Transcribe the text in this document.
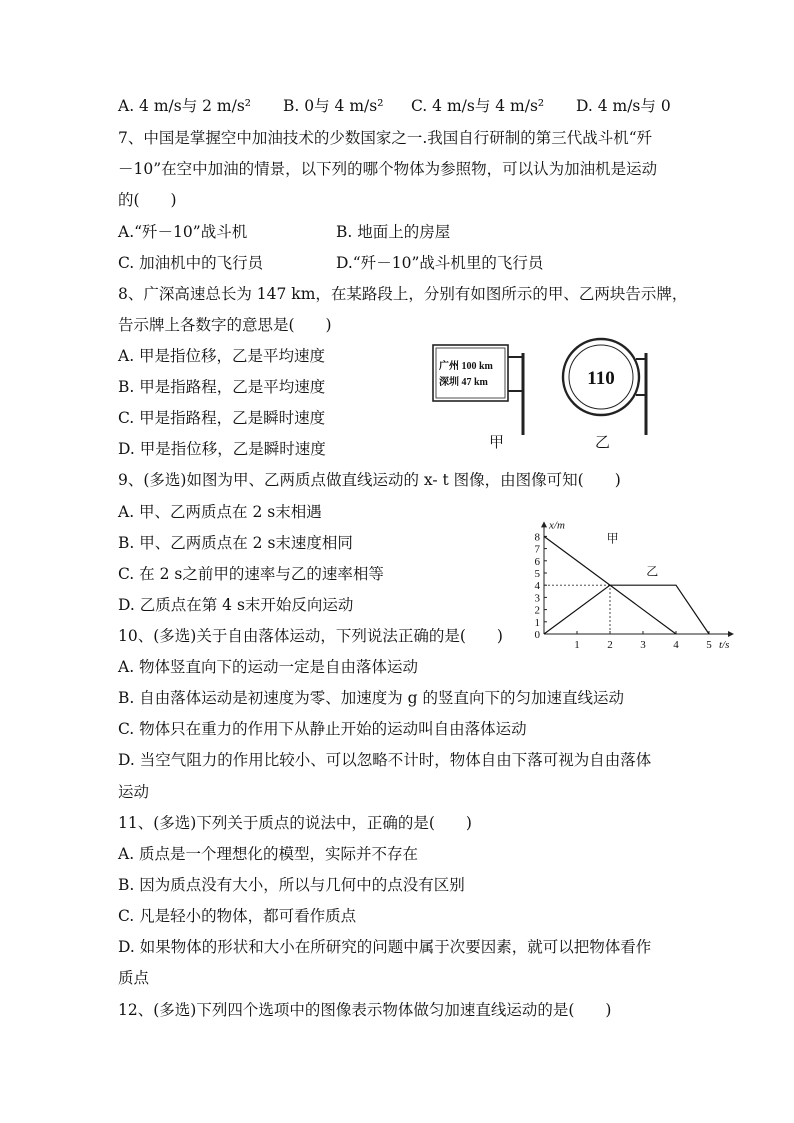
A. 4 m/s与 2 m/s² B. 0与 4 m/s² C. 4 m/s与 4 m/s² D. 4 m/s与 0
7、中国是掌握空中加油技术的少数国家之一.我国自行研制的第三代战斗机“歼
－10”在空中加油的情景，以下列的哪个物体为参照物，可以认为加油机是运动
的(　　)
A.“歼－10”战斗机	B. 地面上的房屋
C. 加油机中的飞行员	D.“歼－10”战斗机里的飞行员
8、广深高速总长为 147 km，在某路段上，分别有如图所示的甲、乙两块告示牌，
告示牌上各数字的意思是(　　)
A. 甲是指位移，乙是平均速度
B. 甲是指路程，乙是平均速度
C. 甲是指路程，乙是瞬时速度
D. 甲是指位移，乙是瞬时速度
广州 100 km
深圳 47 km
甲
110
乙
9、(多选)如图为甲、乙两质点做直线运动的 x- t 图像，由图像可知(　　)
A. 甲、乙两质点在 2 s末相遇
B. 甲、乙两质点在 2 s末速度相同
C. 在 2 s之前甲的速率与乙的速率相等
D. 乙质点在第 4 s末开始反向运动
0
1
2
3
4
5
6
7
8
1	2	3	4	5
x/m
t/s
甲
乙
10、(多选)关于自由落体运动，下列说法正确的是(　　)
A. 物体竖直向下的运动一定是自由落体运动
B. 自由落体运动是初速度为零、加速度为 g 的竖直向下的匀加速直线运动
C. 物体只在重力的作用下从静止开始的运动叫自由落体运动
D. 当空气阻力的作用比较小、可以忽略不计时，物体自由下落可视为自由落体
运动
11、(多选)下列关于质点的说法中，正确的是(　　)
A. 质点是一个理想化的模型，实际并不存在
B. 因为质点没有大小，所以与几何中的点没有区别
C. 凡是轻小的物体，都可看作质点
D. 如果物体的形状和大小在所研究的问题中属于次要因素，就可以把物体看作
质点
12、(多选)下列四个选项中的图像表示物体做匀加速直线运动的是(　　)
